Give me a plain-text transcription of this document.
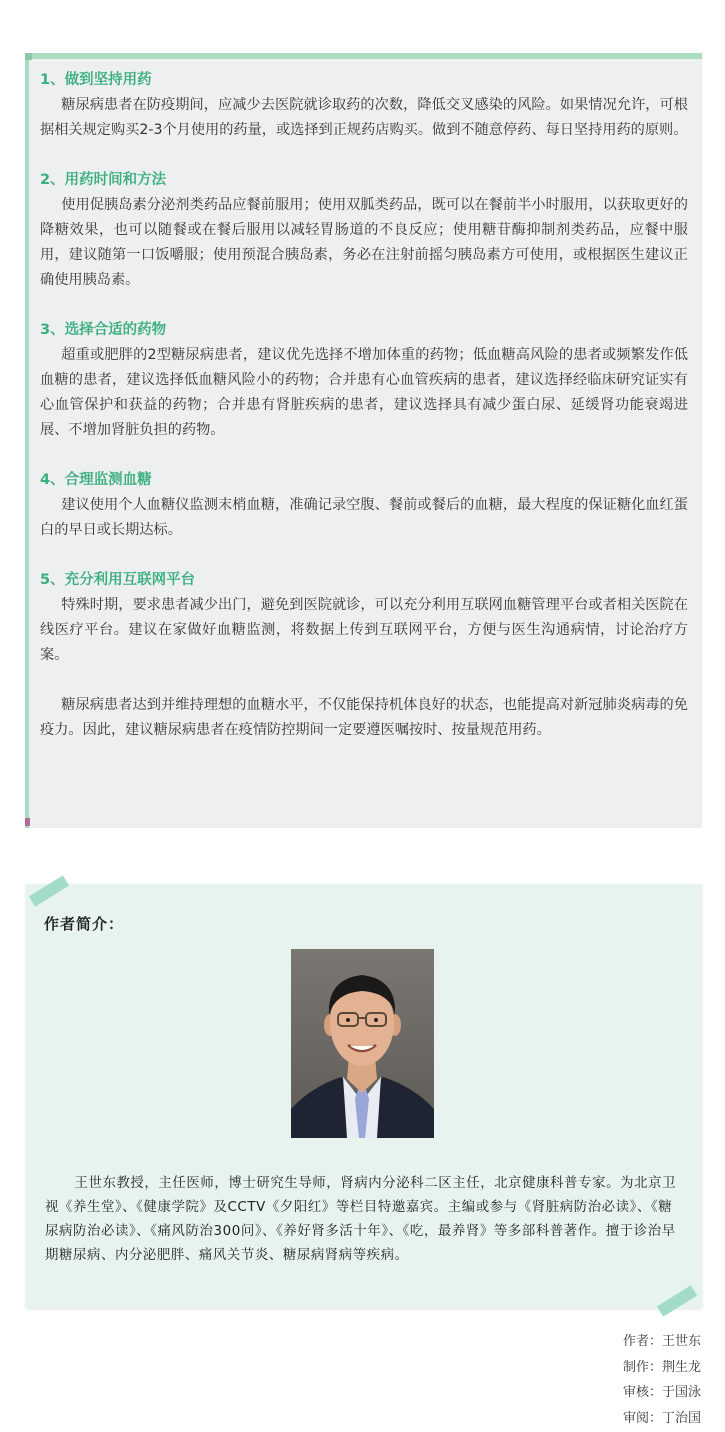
1、做到坚持用药

糖尿病患者在防疫期间，应减少去医院就诊取药的次数，降低交叉感染的风险。如果情况允许，可根据相关规定购买2-3个月使用的药量，或选择到正规药店购买。做到不随意停药、每日坚持用药的原则。

2、用药时间和方法

使用促胰岛素分泌剂类药品应餐前服用；使用双胍类药品，既可以在餐前半小时服用，以获取更好的降糖效果，也可以随餐或在餐后服用以减轻胃肠道的不良反应；使用糖苷酶抑制剂类药品，应餐中服用，建议随第一口饭嚼服；使用预混合胰岛素，务必在注射前摇匀胰岛素方可使用，或根据医生建议正确使用胰岛素。

3、选择合适的药物

超重或肥胖的2型糖尿病患者，建议优先选择不增加体重的药物；低血糖高风险的患者或频繁发作低血糖的患者，建议选择低血糖风险小的药物；合并患有心血管疾病的患者，建议选择经临床研究证实有心血管保护和获益的药物；合并患有肾脏疾病的患者，建议选择具有减少蛋白尿、延缓肾功能衰竭进展、不增加肾脏负担的药物。

4、合理监测血糖

建议使用个人血糖仪监测末梢血糖，准确记录空腹、餐前或餐后的血糖，最大程度的保证糖化血红蛋白的早日或长期达标。

5、充分利用互联网平台

特殊时期，要求患者减少出门，避免到医院就诊，可以充分利用互联网血糖管理平台或者相关医院在线医疗平台。建议在家做好血糖监测，将数据上传到互联网平台，方便与医生沟通病情，讨论治疗方案。

糖尿病患者达到并维持理想的血糖水平，不仅能保持机体良好的状态，也能提高对新冠肺炎病毒的免疫力。因此，建议糖尿病患者在疫情防控期间一定要遵医嘱按时、按量规范用药。

作者简介：

王世东教授，主任医师，博士研究生导师，肾病内分泌科二区主任，北京健康科普专家。为北京卫视《养生堂》、《健康学院》及CCTV《夕阳红》等栏目特邀嘉宾。主编或参与《肾脏病防治必读》、《糖尿病防治必读》、《痛风防治300问》、《养好肾多活十年》、《吃，最养肾》等多部科普著作。擅于诊治早期糖尿病、内分泌肥胖、痛风关节炎、糖尿病肾病等疾病。

作者：王世东
制作：荆生龙
审核：于国泳
审阅：丁治国
